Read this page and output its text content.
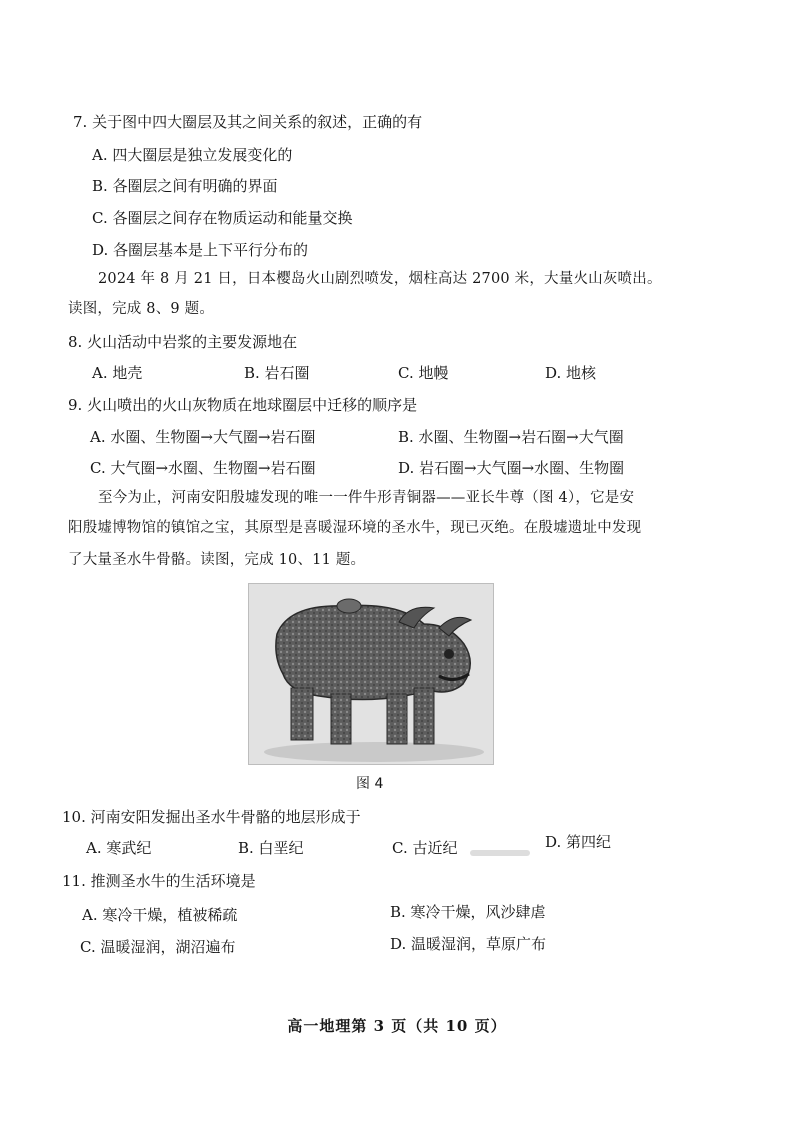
7. 关于图中四大圈层及其之间关系的叙述，正确的有
A. 四大圈层是独立发展变化的
B. 各圈层之间有明确的界面
C. 各圈层之间存在物质运动和能量交换
D. 各圈层基本是上下平行分布的
2024 年 8 月 21 日，日本樱岛火山剧烈喷发，烟柱高达 2700 米，大量火山灰喷出。
读图，完成 8、9 题。
8. 火山活动中岩浆的主要发源地在
A. 地壳	B. 岩石圈	C. 地幔	D. 地核
9. 火山喷出的火山灰物质在地球圈层中迁移的顺序是
A. 水圈、生物圈→大气圈→岩石圈	B. 水圈、生物圈→岩石圈→大气圈
C. 大气圈→水圈、生物圈→岩石圈	D. 岩石圈→大气圈→水圈、生物圈
至今为止，河南安阳殷墟发现的唯一一件牛形青铜器——亚长牛尊（图 4），它是安
阳殷墟博物馆的镇馆之宝，其原型是喜暖湿环境的圣水牛，现已灭绝。在殷墟遗址中发现
了大量圣水牛骨骼。读图，完成 10、11 题。
图 4
10. 河南安阳发掘出圣水牛骨骼的地层形成于
A. 寒武纪	B. 白垩纪	C. 古近纪	D. 第四纪
11. 推测圣水牛的生活环境是
A. 寒冷干燥，植被稀疏	B. 寒冷干燥，风沙肆虐
C. 温暖湿润，湖沼遍布	D. 温暖湿润，草原广布
高一地理第 3 页（共 10 页）
